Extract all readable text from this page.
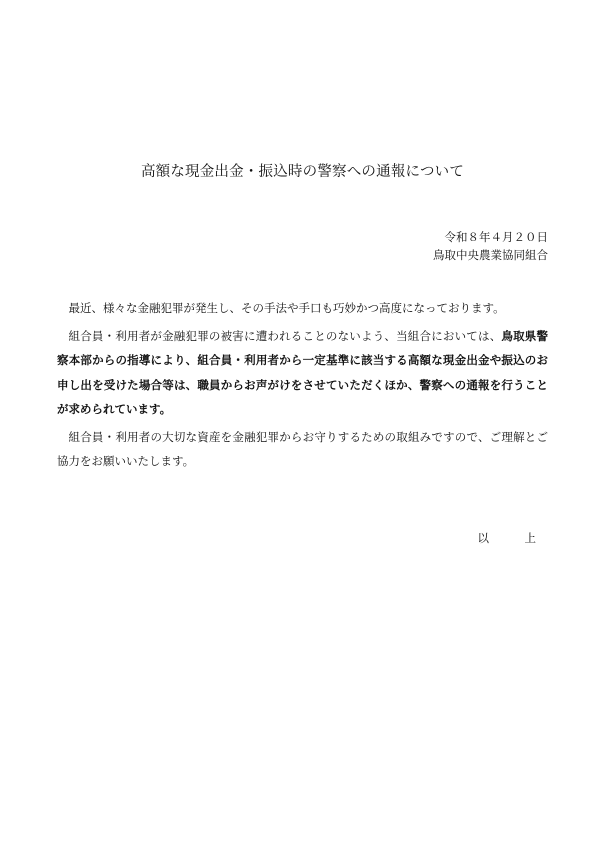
高額な現金出金・振込時の警察への通報について
令和８年４月２０日
鳥取中央農業協同組合

最近、様々な金融犯罪が発生し、その手法や手口も巧妙かつ高度になっております。

組合員・利用者が金融犯罪の被害に遭われることのないよう、当組合においては、鳥取県警察本部からの指導により、組合員・利用者から一定基準に該当する高額な現金出金や振込のお申し出を受けた場合等は、職員からお声がけをさせていただくほか、警察への通報を行うことが求められています。

組合員・利用者の大切な資産を金融犯罪からお守りするための取組みですので、ご理解とご協力をお願いいたします。

以　上
